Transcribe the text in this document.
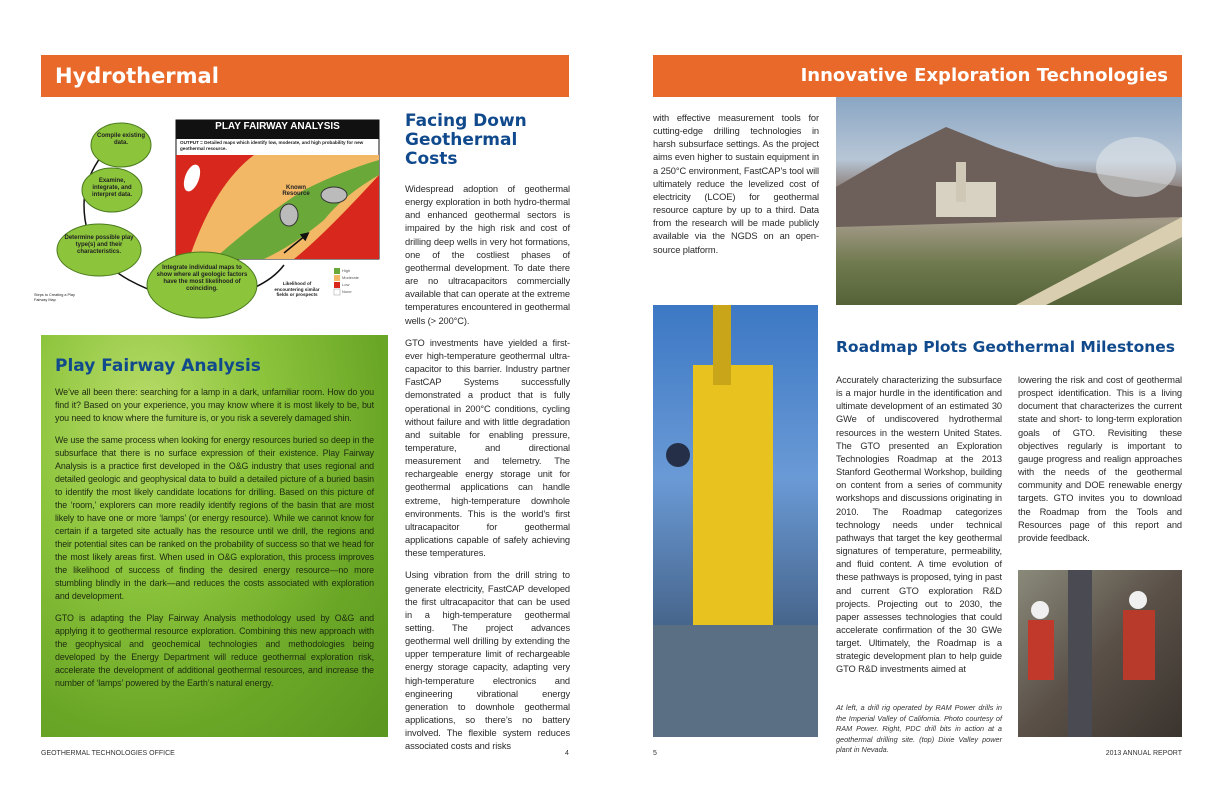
Hydrothermal
PLAY FAIRWAY ANALYSIS
OUTPUT = Detailed maps which identify low, moderate, and high probability for new geothermal resource.
Known Resource
Compile existing data.
Examine, integrate, and interpret data.
Determine possible play type(s) and their characteristics.
Integrate individual maps to show where all geologic factors have the most likelihood of coinciding.
Steps to Creating a Play Fairway Map
Likelihood of encountering similar fields or prospects
High
Moderate
Low
None
Play Fairway Analysis

We’ve all been there: searching for a lamp in a dark, unfamiliar room. How do you find it? Based on your experience, you may know where it is most likely to be, but you need to know where the furniture is, or you risk a severely damaged shin.

We use the same process when looking for energy resources buried so deep in the subsurface that there is no surface expression of their existence. Play Fairway Analysis is a practice first developed in the O&G industry that uses regional and detailed geologic and geophysical data to build a detailed picture of a buried basin to identify the most likely candidate locations for drilling. Based on this picture of the ‘room,’ explorers can more readily identify regions of the basin that are most likely to have one or more ‘lamps’ (or energy resource). While we cannot know for certain if a targeted site actually has the resource until we drill, the regions and their potential sites can be ranked on the probability of success so that we head for the most likely areas first. When used in O&G exploration, this process improves the likelihood of success of finding the desired energy resource—no more stumbling blindly in the dark—and reduces the costs associated with exploration and development.

GTO is adapting the Play Fairway Analysis methodology used by O&G and applying it to geothermal resource exploration. Combining this new approach with the geophysical and geochemical technologies and methodologies being developed by the Energy Department will reduce geothermal exploration risk, accelerate the development of additional geothermal resources, and increase the number of ‘lamps’ powered by the Earth’s natural energy.

Facing Down Geothermal Costs

Widespread adoption of geothermal energy exploration in both hydro-thermal and enhanced geothermal sectors is impaired by the high risk and cost of drilling deep wells in very hot formations, one of the costliest phases of geothermal development. To date there are no ultracapacitors commercially available that can operate at the extreme temperatures encountered in geothermal wells (> 200°C).

GTO investments have yielded a first-ever high-temperature geothermal ultra-capacitor to this barrier. Industry partner FastCAP Systems successfully demonstrated a product that is fully operational in 200°C conditions, cycling without failure and with little degradation and suitable for enabling pressure, temperature, and directional measurement and telemetry. The rechargeable energy storage unit for geothermal applications can handle extreme, high-temperature downhole environments. This is the world’s first ultracapacitor for geothermal applications capable of safely achieving these temperatures.

Using vibration from the drill string to generate electricity, FastCAP developed the first ultracapacitor that can be used in a high-temperature geothermal setting. The project advances geothermal well drilling by extending the upper temperature limit of rechargeable energy storage capacity, adapting very high-temperature electronics and engineering vibrational energy generation to downhole geothermal applications, so there’s no battery involved. The flexible system reduces associated costs and risks

GEOTHERMAL TECHNOLOGIES OFFICE	4
Innovative Exploration Technologies
with effective measurement tools for cutting-edge drilling technologies in harsh subsurface settings. As the project aims even higher to sustain equipment in a 250°C environment, FastCAP’s tool will ultimately reduce the levelized cost of electricity (LCOE) for geothermal resource capture by up to a third. Data from the research will be made publicly available via the NGDS on an open-source platform.
Roadmap Plots Geothermal Milestones
Accurately characterizing the subsurface is a major hurdle in the identification and ultimate development of an estimated 30 GWe of undiscovered hydrothermal resources in the western United States. The GTO presented an Exploration Technologies Roadmap at the 2013 Stanford Geothermal Workshop, building on content from a series of community workshops and discussions originating in 2010. The Roadmap categorizes technology needs under technical pathways that target the key geothermal signatures of temperature, permeability, and fluid content. A time evolution of these pathways is proposed, tying in past and current GTO exploration R&D projects. Projecting out to 2030, the paper assesses technologies that could accelerate confirmation of the 30 GWe target. Ultimately, the Roadmap is a strategic development plan to help guide GTO R&D investments aimed at
lowering the risk and cost of geothermal prospect identification. This is a living document that characterizes the current state and short- to long-term exploration goals of GTO. Revisiting these objectives regularly is important to gauge progress and realign approaches with the needs of the geothermal community and DOE renewable energy targets. GTO invites you to download the Roadmap from the Tools and Resources page of this report and provide feedback.
At left, a drill rig operated by RAM Power drills in the Imperial Valley of California. Photo courtesy of RAM Power. Right, PDC drill bits in action at a geothermal drilling site. (top) Dixie Valley power plant in Nevada.
5	2013 ANNUAL REPORT
